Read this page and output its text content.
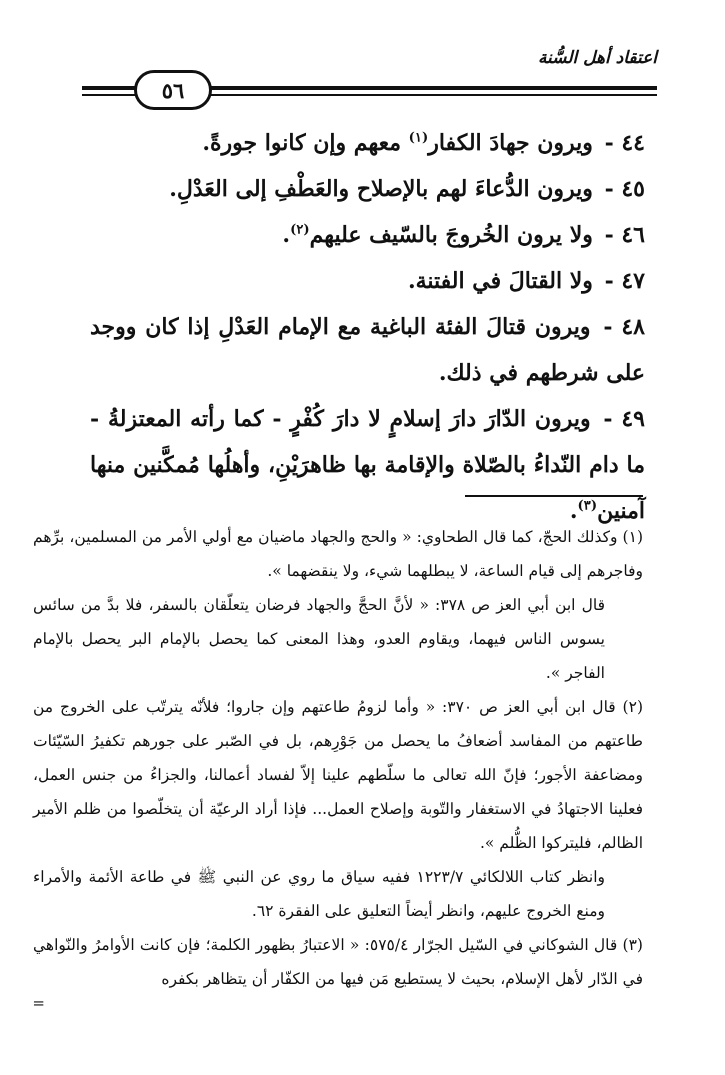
اعتقاد أهل السُّنة
٥٦

٤٤ - ويرون جهادَ الكفار$^{(١)}$ معهم وإن كانوا جورةً.

٤٥ - ويرون الدُّعاءَ لهم بالإصلاح والعَطْفِ إلى العَدْلِ.

٤٦ - ولا يرون الخُروجَ بالسّيف عليهم$^{(٢)}$.

٤٧ - ولا القتالَ في الفتنة.

٤٨ - ويرون قتالَ الفئة الباغية مع الإمام العَدْلِ إذا كان ووجد على شرطهم في ذلك.

٤٩ - ويرون الدّارَ دارَ إسلامٍ لا دارَ كُفْرٍ - كما رأته المعتزلةُ - ما دام النّداءُ بالصّلاة والإقامة بها ظاهرَيْنِ، وأهلُها مُمكَّنين منها آمنين$^{(٣)}$.

(١) وكذلك الحجّ، كما قال الطحاوي: « والحج والجهاد ماضيان مع أولي الأمر من المسلمين، برِّهم وفاجرهم إلى قيام الساعة، لا يبطلهما شيء، ولا ينقضهما ».

قال ابن أبي العز ص ٣٧٨: « لأنَّ الحجَّ والجهاد فرضان يتعلّقان بالسفر، فلا بدَّ من سائس يسوس الناس فيهما، ويقاوم العدو، وهذا المعنى كما يحصل بالإمام البر يحصل بالإمام الفاجر ».

(٢) قال ابن أبي العز ص ٣٧٠: « وأما لزومُ طاعتهم وإن جاروا؛ فلأنّه يترتّب على الخروج من طاعتهم من المفاسد أضعافُ ما يحصل من جَوْرِهم، بل في الصّبر على جورهم تكفيرُ السّيّئات ومضاعفة الأجور؛ فإنّ الله تعالى ما سلّطهم علينا إلاّ لفساد أعمالنا، والجزاءُ من جنس العمل، فعلينا الاجتهادُ في الاستغفار والتّوبة وإصلاح العمل... فإذا أراد الرعيّة أن يتخلّصوا من ظلم الأمير الظالم، فليتركوا الظُّلم ».

وانظر كتاب اللالكائي ١٢٢٣/٧ ففيه سياق ما روي عن النبي ﷺ في طاعة الأئمة والأمراء ومنع الخروج عليهم، وانظر أيضاً التعليق على الفقرة ٦٢.

(٣) قال الشوكاني في السّيل الجرّار ٥٧٥/٤: « الاعتبارُ بظهور الكلمة؛ فإن كانت الأوامرُ والنّواهي في الدّار لأهل الإسلام، بحيث لا يستطيع مَن فيها من الكفّار أن يتظاهر بكفره

=
